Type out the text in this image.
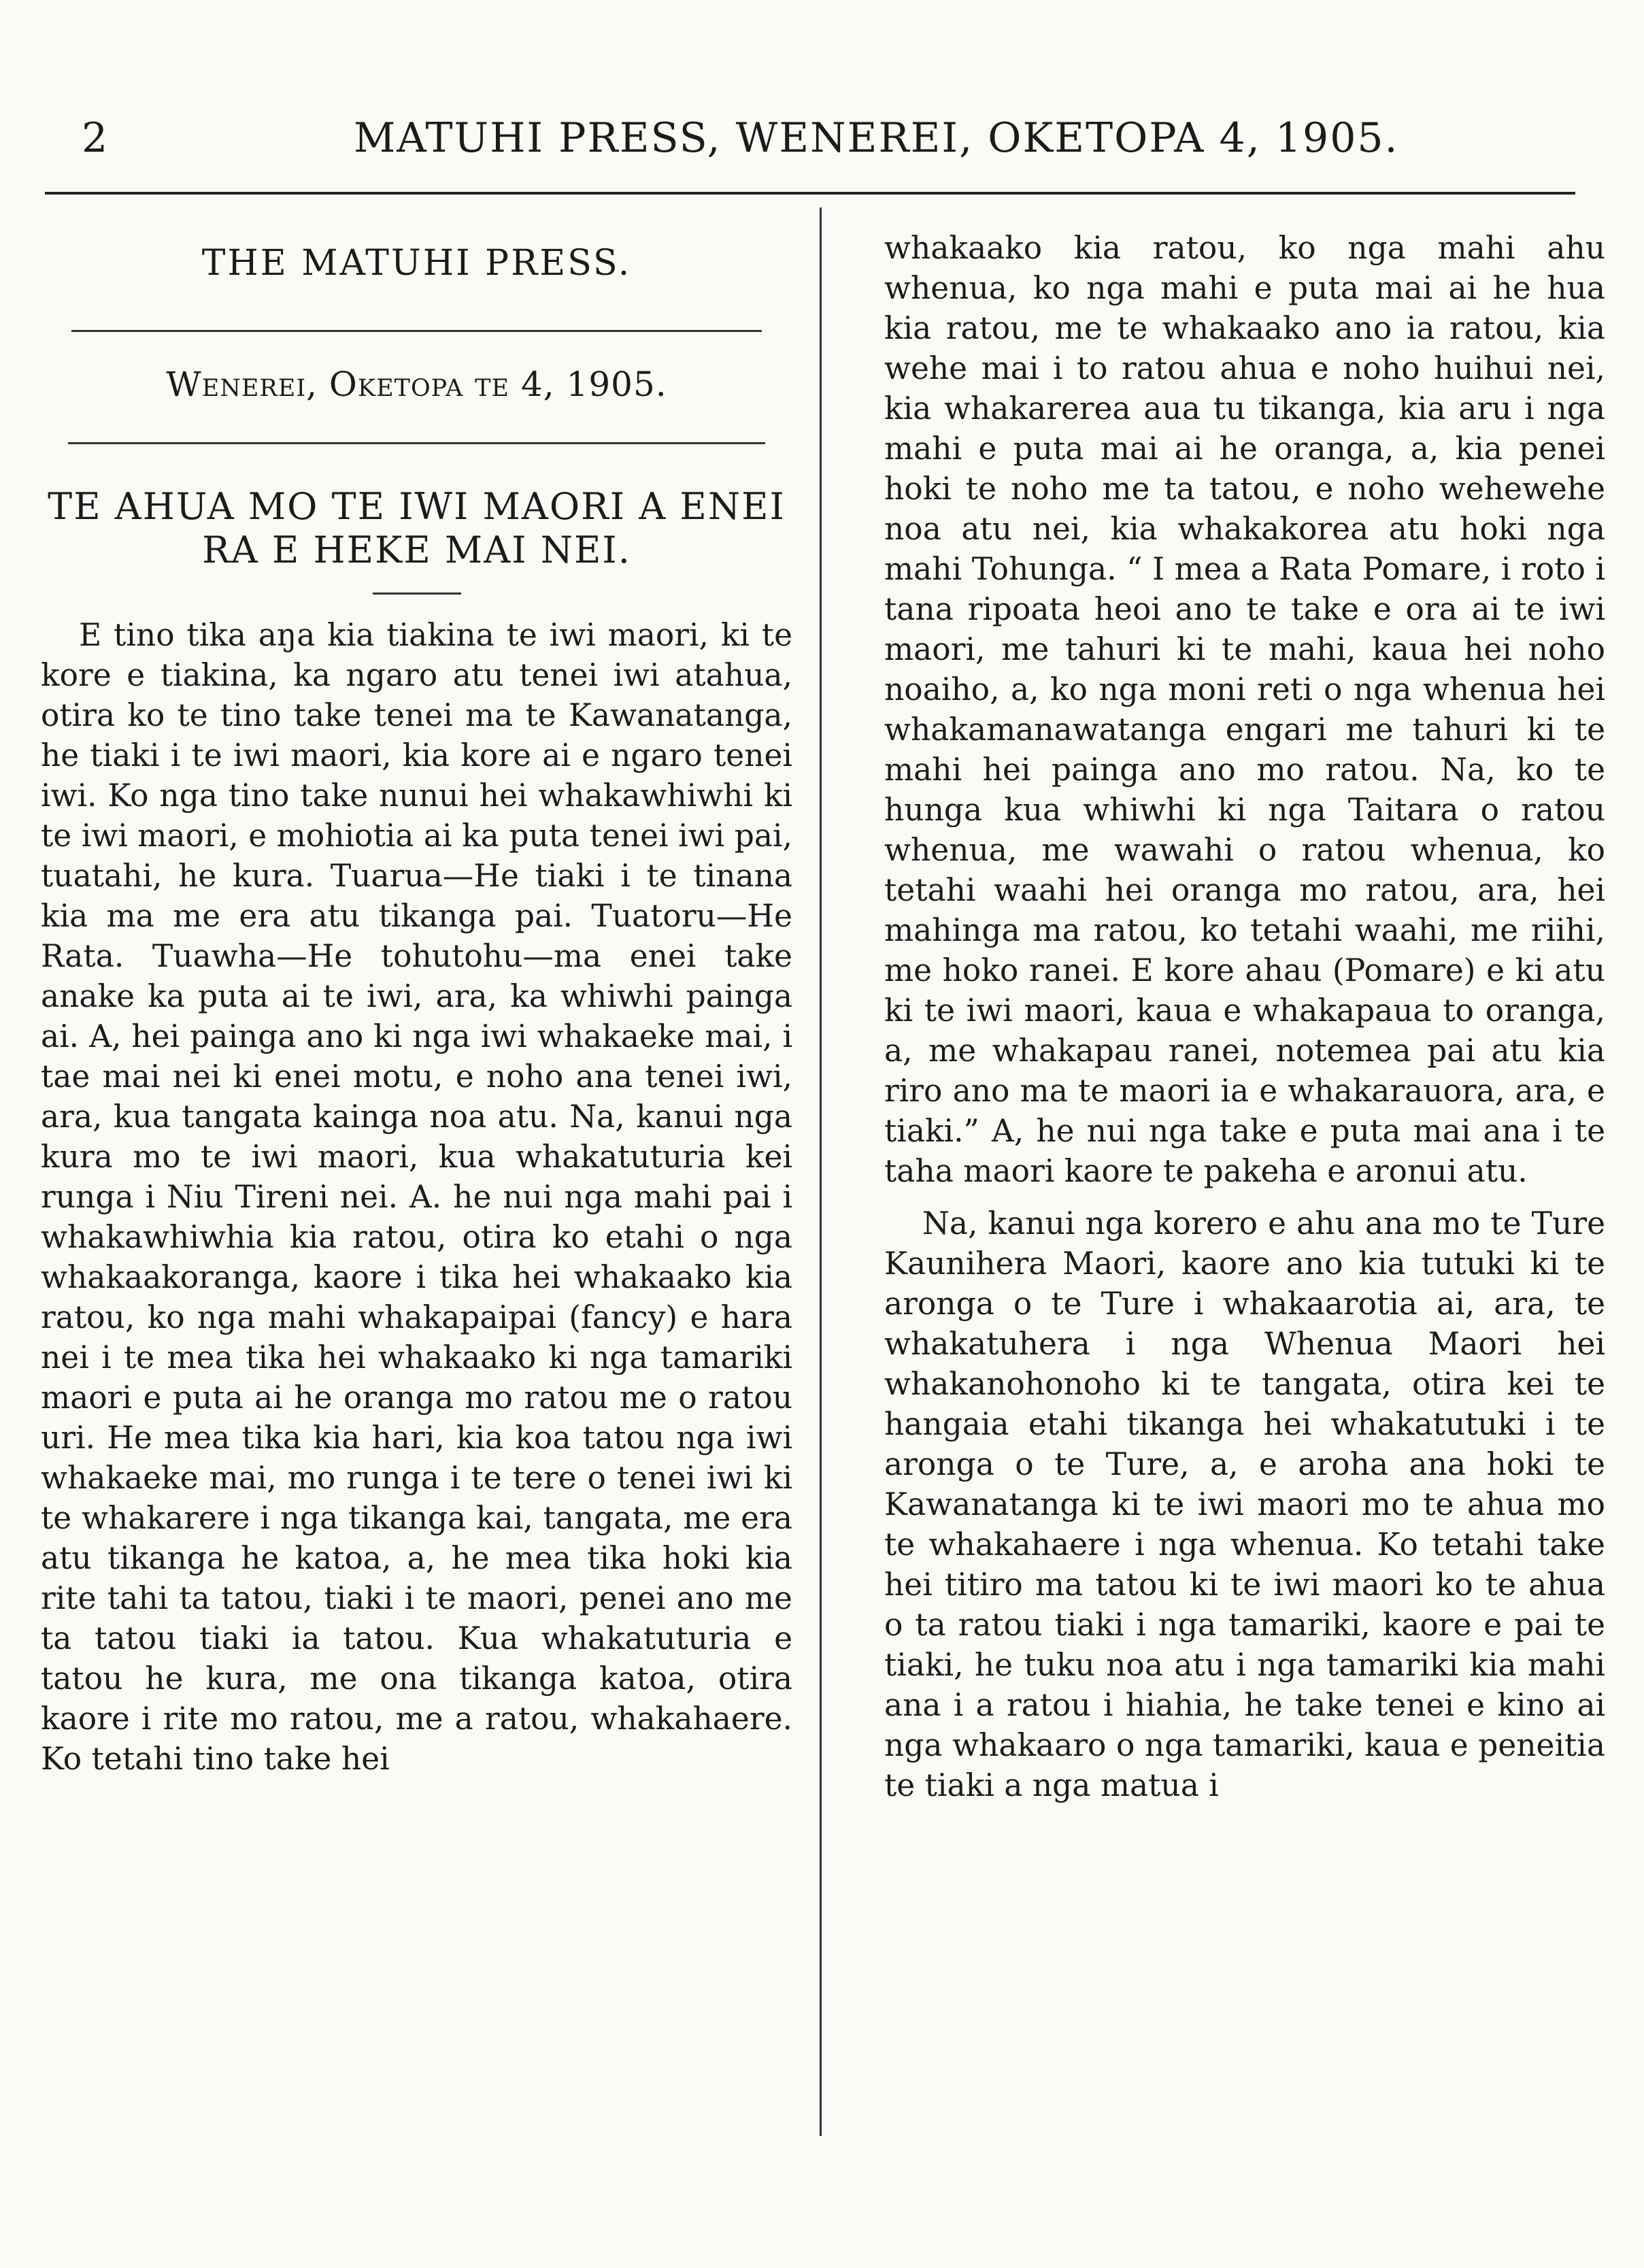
2	MATUHI PRESS, WENEREI, OKETOPA 4, 1905.
THE MATUHI PRESS.
Wenerei, Oketopa te 4, 1905.
TE AHUA MO TE IWI MAORI A ENEI RA E HEKE MAI NEI.

E tino tika aŋa kia tiakina te iwi maori, ki te kore e tiakina, ka ngaro atu tenei iwi atahua, otira ko te tino take tenei ma te Kawanatanga, he tiaki i te iwi maori, kia kore ai e ngaro tenei iwi. Ko nga tino take nunui hei whakawhiwhi ki te iwi maori, e mohiotia ai ka puta tenei iwi pai, tuatahi, he kura. Tuarua—He tiaki i te tinana kia ma me era atu tikanga pai. Tuatoru—He Rata. Tuawha—He tohutohu—ma enei take anake ka puta ai te iwi, ara, ka whiwhi painga ai. A, hei painga ano ki nga iwi whakaeke mai, i tae mai nei ki enei motu, e noho ana tenei iwi, ara, kua tangata kainga noa atu. Na, kanui nga kura mo te iwi maori, kua whakatuturia kei runga i Niu Tireni nei. A. he nui nga mahi pai i whakawhiwhia kia ratou, otira ko etahi o nga whakaakoranga, kaore i tika hei whakaako kia ratou, ko nga mahi whakapaipai (fancy) e hara nei i te mea tika hei whakaako ki nga tamariki maori e puta ai he oranga mo ratou me o ratou uri. He mea tika kia hari, kia koa tatou nga iwi whakaeke mai, mo runga i te tere o tenei iwi ki te whakarere i nga tikanga kai, tangata, me era atu tikanga he katoa, a, he mea tika hoki kia rite tahi ta tatou, tiaki i te maori, penei ano me ta tatou tiaki ia tatou. Kua whakatuturia e tatou he kura, me ona tikanga katoa, otira kaore i rite mo ratou, me a ratou, whakahaere. Ko tetahi tino take hei

whakaako kia ratou, ko nga mahi ahu whenua, ko nga mahi e puta mai ai he hua kia ratou, me te whakaako ano ia ratou, kia wehe mai i to ratou ahua e noho huihui nei, kia whakarerea aua tu tikanga, kia aru i nga mahi e puta mai ai he oranga, a, kia penei hoki te noho me ta tatou, e noho wehewehe noa atu nei, kia whakakorea atu hoki nga mahi Tohunga. “ I mea a Rata Pomare, i roto i tana ripoata heoi ano te take e ora ai te iwi maori, me tahuri ki te mahi, kaua hei noho noaiho, a, ko nga moni reti o nga whenua hei whakamanawatanga engari me tahuri ki te mahi hei painga ano mo ratou. Na, ko te hunga kua whiwhi ki nga Taitara o ratou whenua, me wawahi o ratou whenua, ko tetahi waahi hei oranga mo ratou, ara, hei mahinga ma ratou, ko tetahi waahi, me riihi, me hoko ranei. E kore ahau (Pomare) e ki atu ki te iwi maori, kaua e whakapaua to oranga, a, me whakapau ranei, notemea pai atu kia riro ano ma te maori ia e whakarauora, ara, e tiaki.” A, he nui nga take e puta mai ana i te taha maori kaore te pakeha e aronui atu.

Na, kanui nga korero e ahu ana mo te Ture Kaunihera Maori, kaore ano kia tutuki ki te aronga o te Ture i whakaarotia ai, ara, te whakatuhera i nga Whenua Maori hei whakanohonoho ki te tangata, otira kei te hangaia etahi tikanga hei whakatutuki i te aronga o te Ture, a, e aroha ana hoki te Kawanatanga ki te iwi maori mo te ahua mo te whakahaere i nga whenua. Ko tetahi take hei titiro ma tatou ki te iwi maori ko te ahua o ta ratou tiaki i nga tamariki, kaore e pai te tiaki, he tuku noa atu i nga tamariki kia mahi ana i a ratou i hiahia, he take tenei e kino ai nga whakaaro o nga tamariki, kaua e peneitia te tiaki a nga matua i
